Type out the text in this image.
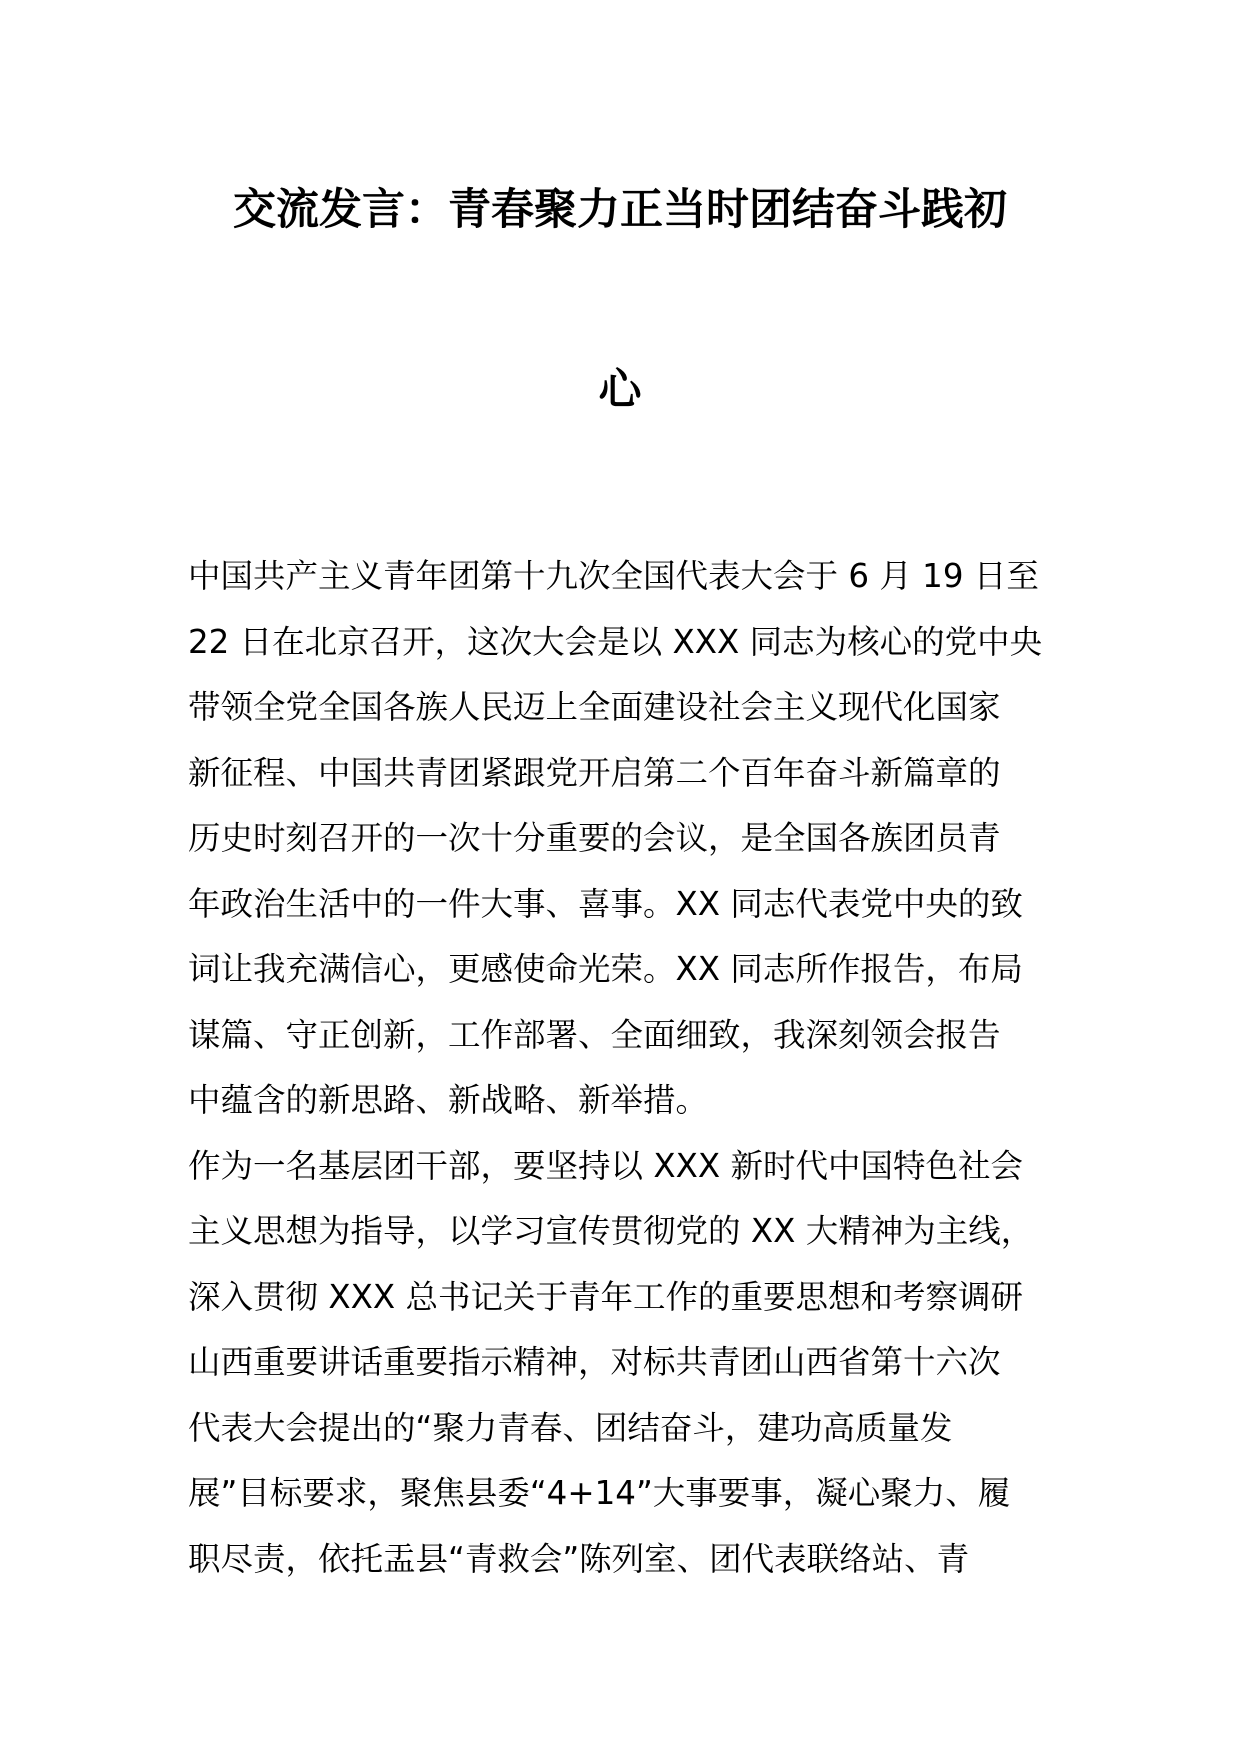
交流发言：青春聚力正当时团结奋斗践初
心
中国共产主义青年团第十九次全国代表大会于 6 月 19 日至
22 日在北京召开，这次大会是以 XXX 同志为核心的党中央
带领全党全国各族人民迈上全面建设社会主义现代化国家
新征程、中国共青团紧跟党开启第二个百年奋斗新篇章的
历史时刻召开的一次十分重要的会议，是全国各族团员青
年政治生活中的一件大事、喜事。XX 同志代表党中央的致
词让我充满信心，更感使命光荣。XX 同志所作报告，布局
谋篇、守正创新，工作部署、全面细致，我深刻领会报告
中蕴含的新思路、新战略、新举措。
作为一名基层团干部，要坚持以 XXX 新时代中国特色社会
主义思想为指导，以学习宣传贯彻党的 XX 大精神为主线，
深入贯彻 XXX 总书记关于青年工作的重要思想和考察调研
山西重要讲话重要指示精神，对标共青团山西省第十六次
代表大会提出的“聚力青春、团结奋斗，建功高质量发
展”目标要求，聚焦县委“4+14”大事要事，凝心聚力、履
职尽责，依托盂县“青救会”陈列室、团代表联络站、青
